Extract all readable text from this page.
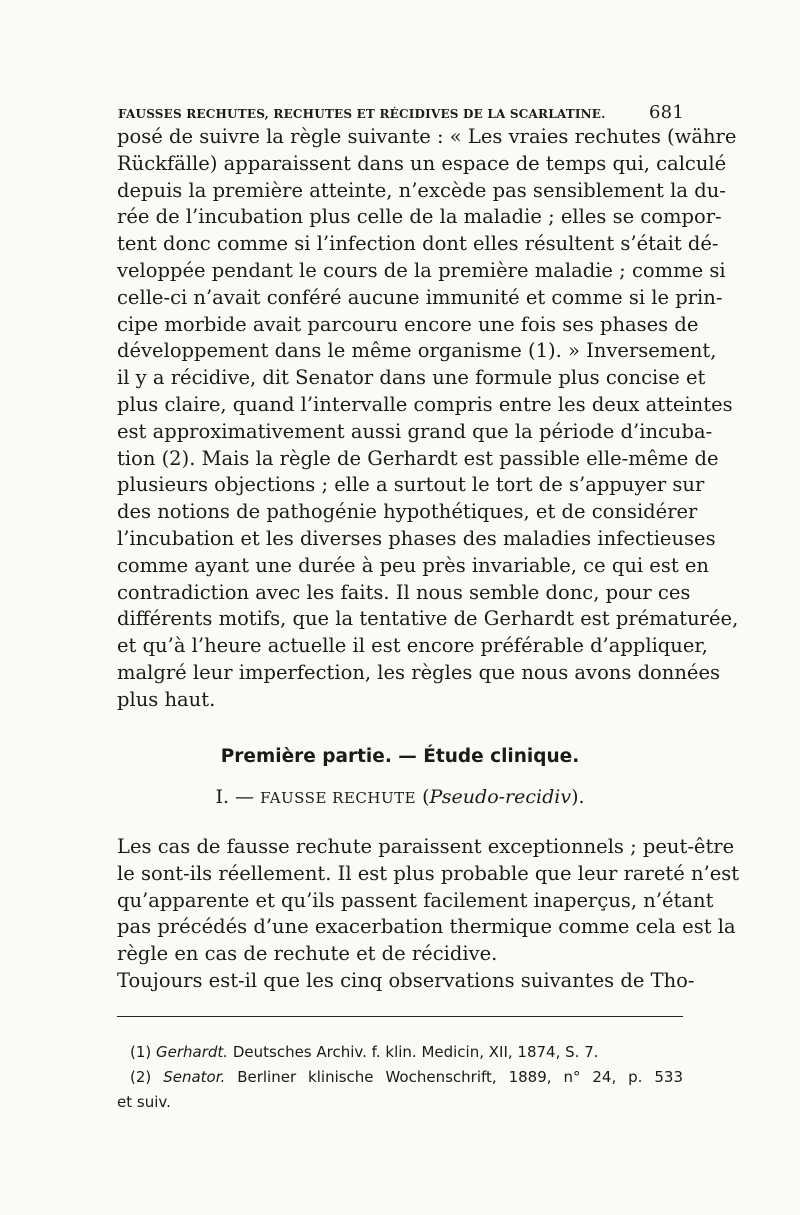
FAUSSES RECHUTES, RECHUTES ET RÉCIDIVES DE LA SCARLATINE. 681
posé de suivre la règle suivante : « Les vraies rechutes (währe
Rückfälle) apparaissent dans un espace de temps qui, calculé
depuis la première atteinte, n’excède pas sensiblement la du-
rée de l’incubation plus celle de la maladie ; elles se compor-
tent donc comme si l’infection dont elles résultent s’était dé-
veloppée pendant le cours de la première maladie ; comme si
celle-ci n’avait conféré aucune immunité et comme si le prin-
cipe morbide avait parcouru encore une fois ses phases de
développement dans le même organisme (1). » Inversement,
il y a récidive, dit Senator dans une formule plus concise et
plus claire, quand l’intervalle compris entre les deux atteintes
est approximativement aussi grand que la période d’incuba-
tion (2). Mais la règle de Gerhardt est passible elle-même de
plusieurs objections ; elle a surtout le tort de s’appuyer sur
des notions de pathogénie hypothétiques, et de considérer
l’incubation et les diverses phases des maladies infectieuses
comme ayant une durée à peu près invariable, ce qui est en
contradiction avec les faits. Il nous semble donc, pour ces
différents motifs, que la tentative de Gerhardt est prématurée,
et qu’à l’heure actuelle il est encore préférable d’appliquer,
malgré leur imperfection, les règles que nous avons données
plus haut.
Première partie. — Étude clinique.
I. — FAUSSE RECHUTE (Pseudo-recidiv).
Les cas de fausse rechute paraissent exceptionnels ; peut-être
le sont-ils réellement. Il est plus probable que leur rareté n’est
qu’apparente et qu’ils passent facilement inaperçus, n’étant
pas précédés d’une exacerbation thermique comme cela est la
règle en cas de rechute et de récidive.
Toujours est-il que les cinq observations suivantes de Tho-
(1) Gerhardt. Deutsches Archiv. f. klin. Medicin, XII, 1874, S. 7.
(2) Senator. Berliner klinische Wochenschrift, 1889, n° 24, p. 533
et suiv.
